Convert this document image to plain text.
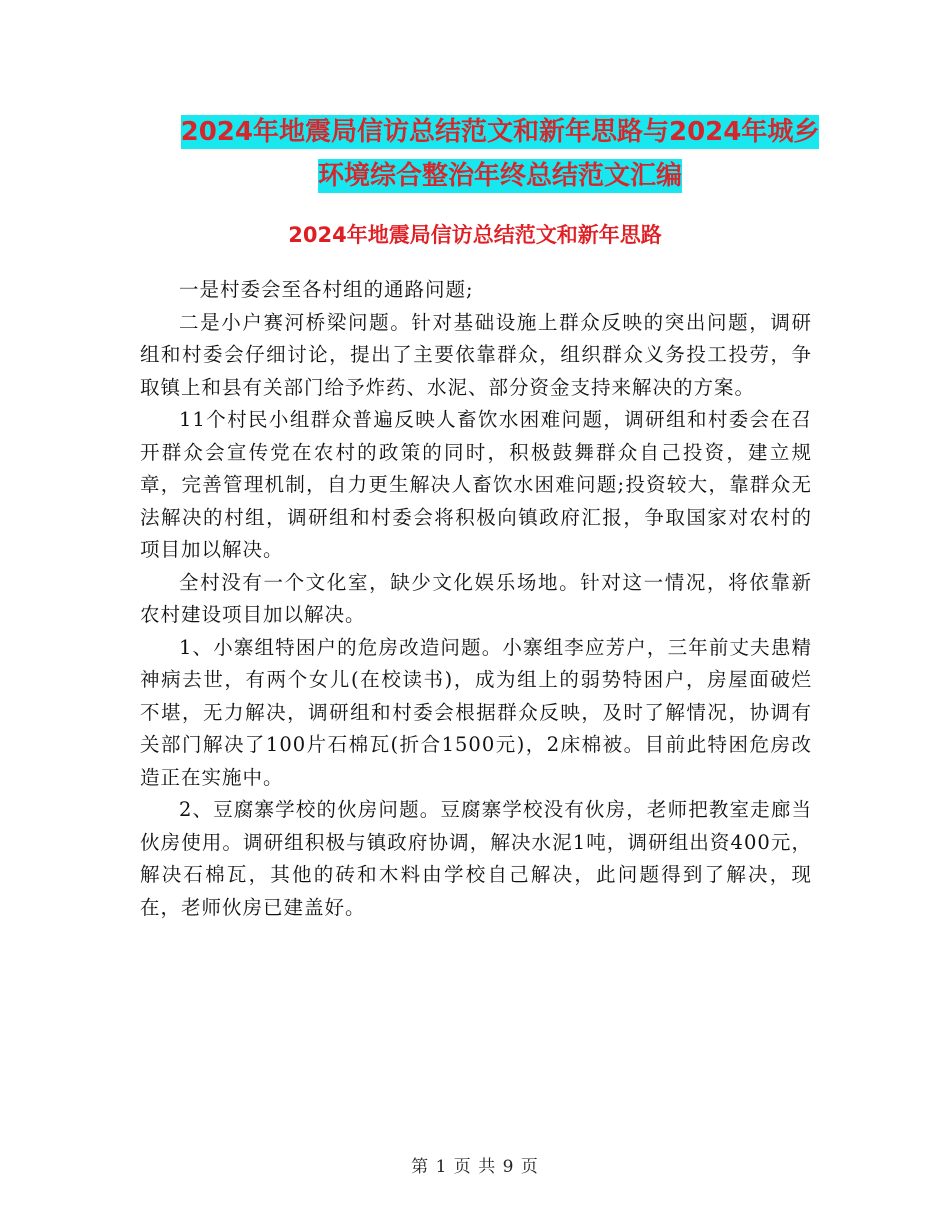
2024年地震局信访总结范文和新年思路与2024年城乡
环境综合整治年终总结范文汇编
2024年地震局信访总结范文和新年思路

一是村委会至各村组的通路问题;

二是小户赛河桥梁问题。针对基础设施上群众反映的突出问题，调研组和村委会仔细讨论，提出了主要依靠群众，组织群众义务投工投劳，争取镇上和县有关部门给予炸药、水泥、部分资金支持来解决的方案。

11个村民小组群众普遍反映人畜饮水困难问题，调研组和村委会在召开群众会宣传党在农村的政策的同时，积极鼓舞群众自己投资，建立规章，完善管理机制，自力更生解决人畜饮水困难问题;投资较大，靠群众无法解决的村组，调研组和村委会将积极向镇政府汇报，争取国家对农村的项目加以解决。

全村没有一个文化室，缺少文化娱乐场地。针对这一情况，将依靠新农村建设项目加以解决。

1、小寨组特困户的危房改造问题。小寨组李应芳户，三年前丈夫患精神病去世，有两个女儿(在校读书)，成为组上的弱势特困户，房屋面破烂不堪，无力解决，调研组和村委会根据群众反映，及时了解情况，协调有关部门解决了100片石棉瓦(折合1500元)，2床棉被。目前此特困危房改造正在实施中。

2、豆腐寨学校的伙房问题。豆腐寨学校没有伙房，老师把教室走廊当伙房使用。调研组积极与镇政府协调，解决水泥1吨，调研组出资400元，解决石棉瓦，其他的砖和木料由学校自己解决，此问题得到了解决，现在，老师伙房已建盖好。

第 1 页 共 9 页
